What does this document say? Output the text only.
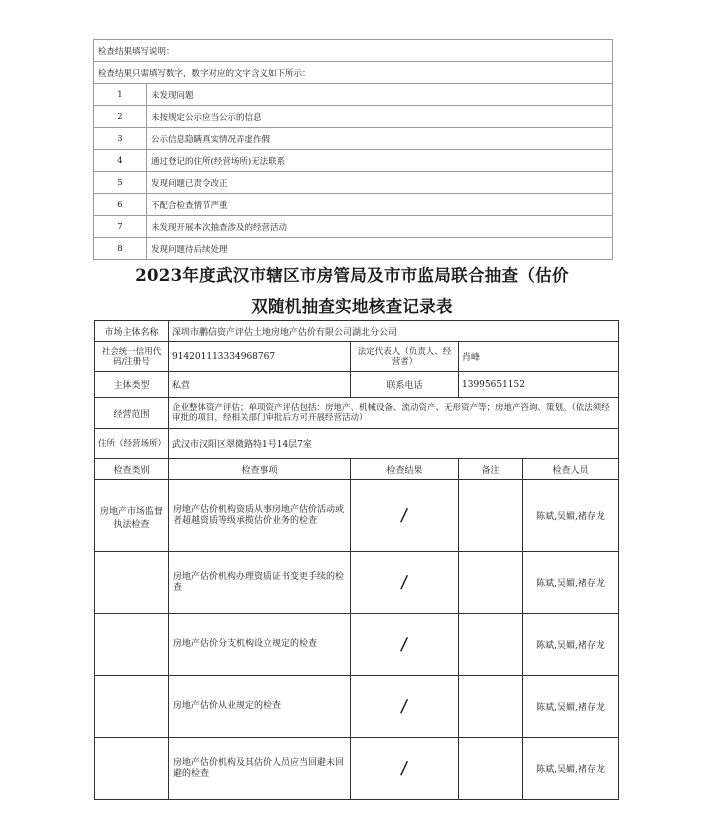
检查结果填写说明：	
检查结果只需填写数字，数字对应的文字含义如下所示：	
1	未发现问题
2	未按规定公示应当公示的信息
3	公示信息隐瞒真实情况弄虚作假
4	通过登记的住所(经营场所)无法联系
5	发现问题已责令改正
6	不配合检查情节严重
7	未发现开展本次抽查涉及的经营活动
8	发现问题待后续处理
2023年度武汉市辖区市房管局及市市监局联合抽查（估价
双随机抽查实地核查记录表
市场主体名称	深圳市鹏信资产评估土地房地产估价有限公司湖北分公司			
社会统一信用代码/注册号	914201113334968767	法定代表人（负责人、经营者）	肖峰	
主体类型	私营	联系电话	13995651152	
经营范围	企业整体资产评估；单项资产评估包括：房地产、机械设备、流动资产、无形资产等；房地产咨询、策划。（依法须经审批的项目，经相关部门审批后方可开展经营活动）			
住所（经营场所）	武汉市汉阳区翠微路特1号14层7室			
检查类别	检查事项	检查结果	备注	检查人员
房地产市场监督执法检查	房地产估价机构资质从事房地产估价活动或者超越资质等级承揽估价业务的检查	/		陈斌,吴媚,褚存龙
	房地产估价机构办理资质证书变更手续的检查	/		陈斌,吴媚,褚存龙
	房地产估价分支机构设立规定的检查	/		陈斌,吴媚,褚存龙
	房地产估价从业规定的检查	/		陈斌,吴媚,褚存龙
	房地产估价机构及其估价人员应当回避未回避的检查	/		陈斌,吴媚,褚存龙
